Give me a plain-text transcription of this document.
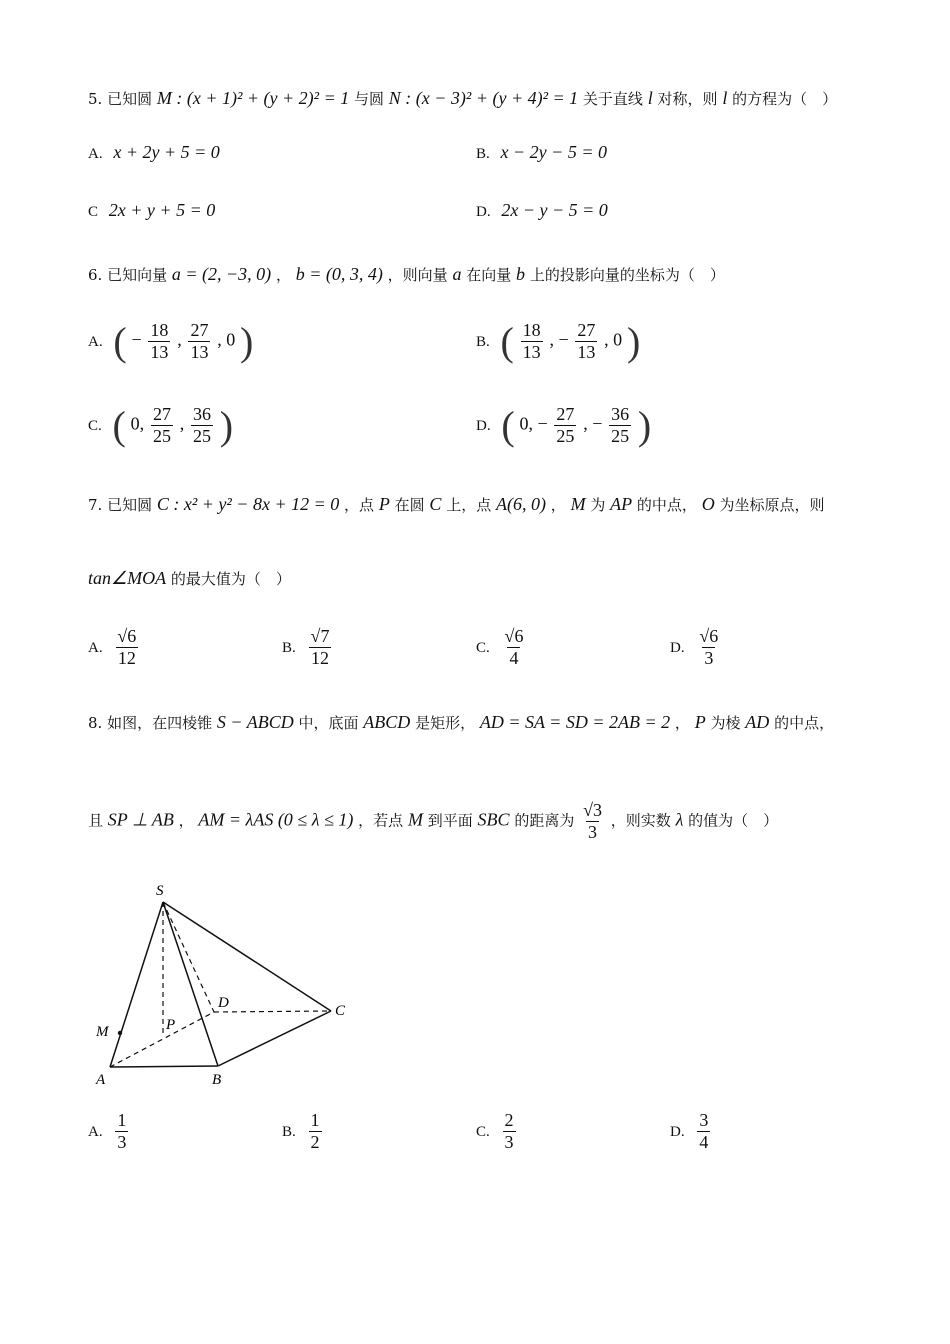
5. 已知圆 M : (x + 1)² + (y + 2)² = 1 与圆 N : (x − 3)² + (y + 4)² = 1 关于直线 l 对称，则 l 的方程为（　）
A. x + 2y + 5 = 0	B. x − 2y − 5 = 0
C 2x + y + 5 = 0	D. 2x − y − 5 = 0
6. 已知向量 a = (2, −3, 0) ， b = (0, 3, 4) ，则向量 a 在向量 b 上的投影向量的坐标为（　）
A. ( − $\frac{18}{13}$ , $\frac{27}{13}$ , 0 )	B. ( $\frac{18}{13}$ , − $\frac{27}{13}$ , 0 )
C. ( 0, $\frac{27}{25}$ , $\frac{36}{25}$ )	D. ( 0, − $\frac{27}{25}$ , − $\frac{36}{25}$ )
7. 已知圆 C : x² + y² − 8x + 12 = 0 ，点 P 在圆 C 上，点 A(6, 0) ， M 为 AP 的中点， O 为坐标原点，则
tan∠MOA 的最大值为（　）
A. $\frac{√6}{12}$	B. $\frac{√7}{12}$	C. $\frac{√6}{4}$	D. $\frac{√6}{3}$
8. 如图，在四棱锥 S − ABCD 中，底面 ABCD 是矩形， AD = SA = SD = 2AB = 2 ， P 为棱 AD 的中点，
且 SP ⊥ AB ， AM = λAS (0 ≤ λ ≤ 1) ，若点 M 到平面 SBC 的距离为 $\frac{√3}{3}$ ，则实数 λ 的值为（　）
S
A	B
C
D
P
M
A. $\frac{1}{3}$	B. $\frac{1}{2}$	C. $\frac{2}{3}$	D. $\frac{3}{4}$
